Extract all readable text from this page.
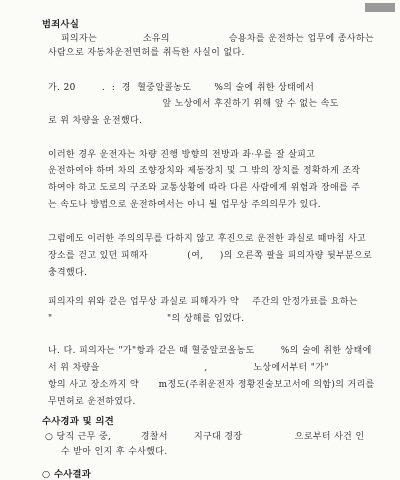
범죄사실
피의자는              소유의                  승용차를 운전하는 업무에 종사하는
사람으로 자동차운전면허를 취득한 사실이 없다.
가. 20        .  :  경  혈중알콜농도       %의 술에 취한 상태에서
앞 노상에서 후진하기 위해 앞 수 없는 속도
로 위 차량을 운전했다.
이러한 경우 운전자는 차량 진행 방향의 전방과 좌·우를 잘 살피고
운전하여야 하며 차의 조향장치와 제동장치 및 그 밖의 장치를 정확하게 조작
하여야 하고 도로의 구조와 교통상황에 따라 다른 사람에게 위험과 장애를 주
는 속도나 방법으로 운전하여서는 아니 될 업무상 주의의무가 있다.
그럼에도 이러한 주의의무를 다하지 않고 후진으로 운전한 과실로 때마침 사고
장소를 걷고 있던 피해자            (여,     )의 오른쪽 팔을 피의자량 뒷부분으로
충격했다.
피의자의 위와 같은 업무상 과실로 피해자가 약    주간의 안정가료를 요하는
"                                   "의 상해를 입었다.
나. 다. 피의자는 "가"항과 같은 때 혈중알코올농도        %의 술에 취한 상태에
서 위 차량을                                ,              노상에서부터 "가"
항의 사고 장소까지 약      m정도(주취운전자 정황진술보고서에 의함)의 거리를
무면허로 운전하였다.
수사경과 및 의견
○ 당직 근무 중,         경찰서        지구대 경장                으로부터 사건 인
수 받아 인지 후 수사했다.
○ 수사결과
